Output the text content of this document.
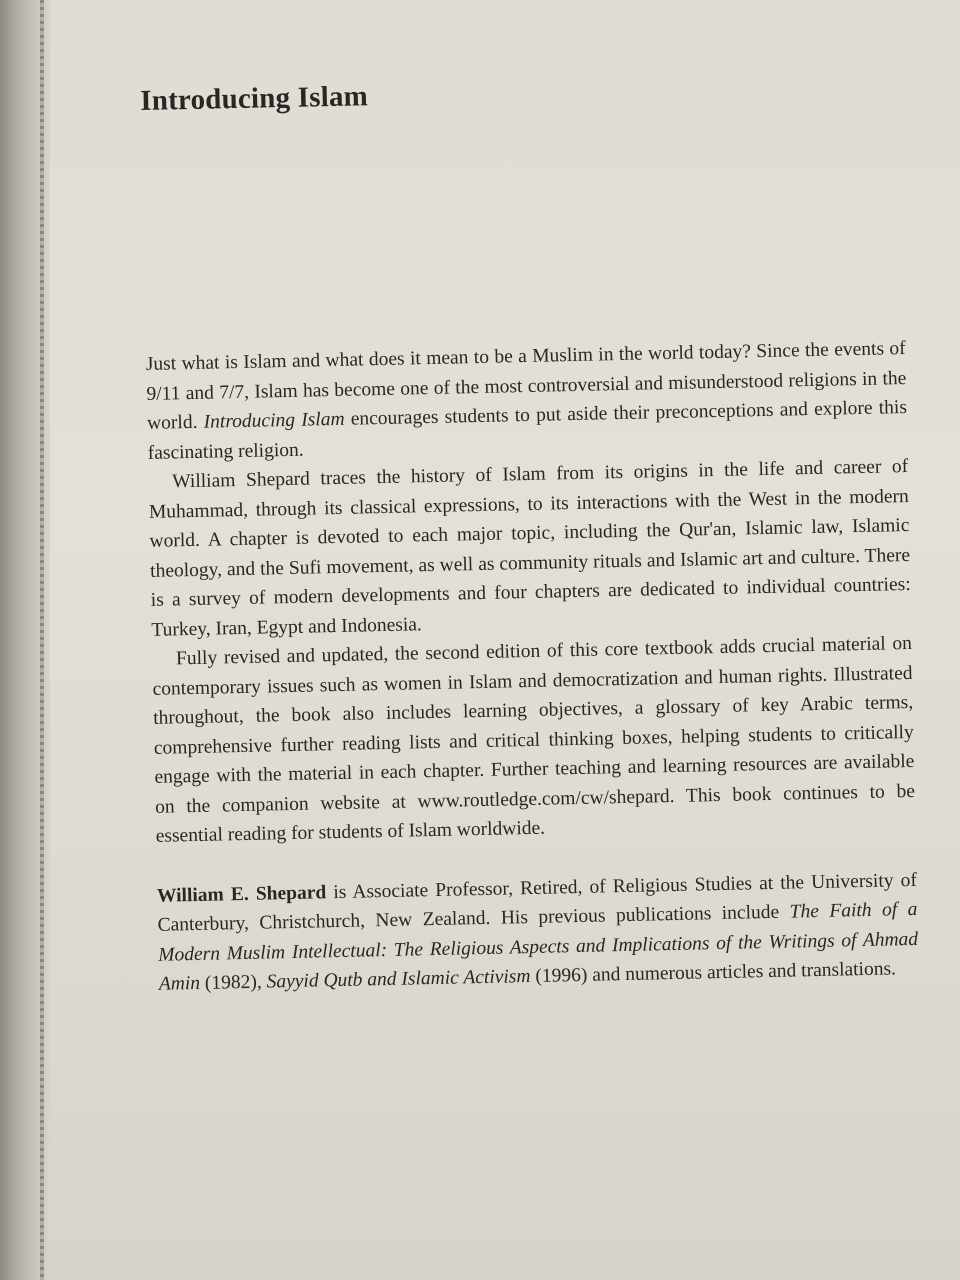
Introducing Islam

Just what is Islam and what does it mean to be a Muslim in the world today? Since the events of 9/11 and 7/7, Islam has become one of the most controversial and misunderstood religions in the world. Introducing Islam encourages students to put aside their preconceptions and explore this fascinating religion.

William Shepard traces the history of Islam from its origins in the life and career of Muhammad, through its classical expressions, to its interactions with the West in the modern world. A chapter is devoted to each major topic, including the Qur'an, Islamic law, Islamic theology, and the Sufi movement, as well as community rituals and Islamic art and culture. There is a survey of modern developments and four chapters are dedicated to individual countries: Turkey, Iran, Egypt and Indonesia.

Fully revised and updated, the second edition of this core textbook adds crucial material on contemporary issues such as women in Islam and democratization and human rights. Illustrated throughout, the book also includes learning objectives, a glossary of key Arabic terms, comprehensive further reading lists and critical thinking boxes, helping students to critically engage with the material in each chapter. Further teaching and learning resources are available on the companion website at www.routledge.com/cw/shepard. This book continues to be essential reading for students of Islam worldwide.

William E. Shepard is Associate Professor, Retired, of Religious Studies at the University of Canterbury, Christchurch, New Zealand. His previous publications include The Faith of a Modern Muslim Intellectual: The Religious Aspects and Implications of the Writings of Ahmad Amin (1982), Sayyid Qutb and Islamic Activism (1996) and numerous articles and translations.
